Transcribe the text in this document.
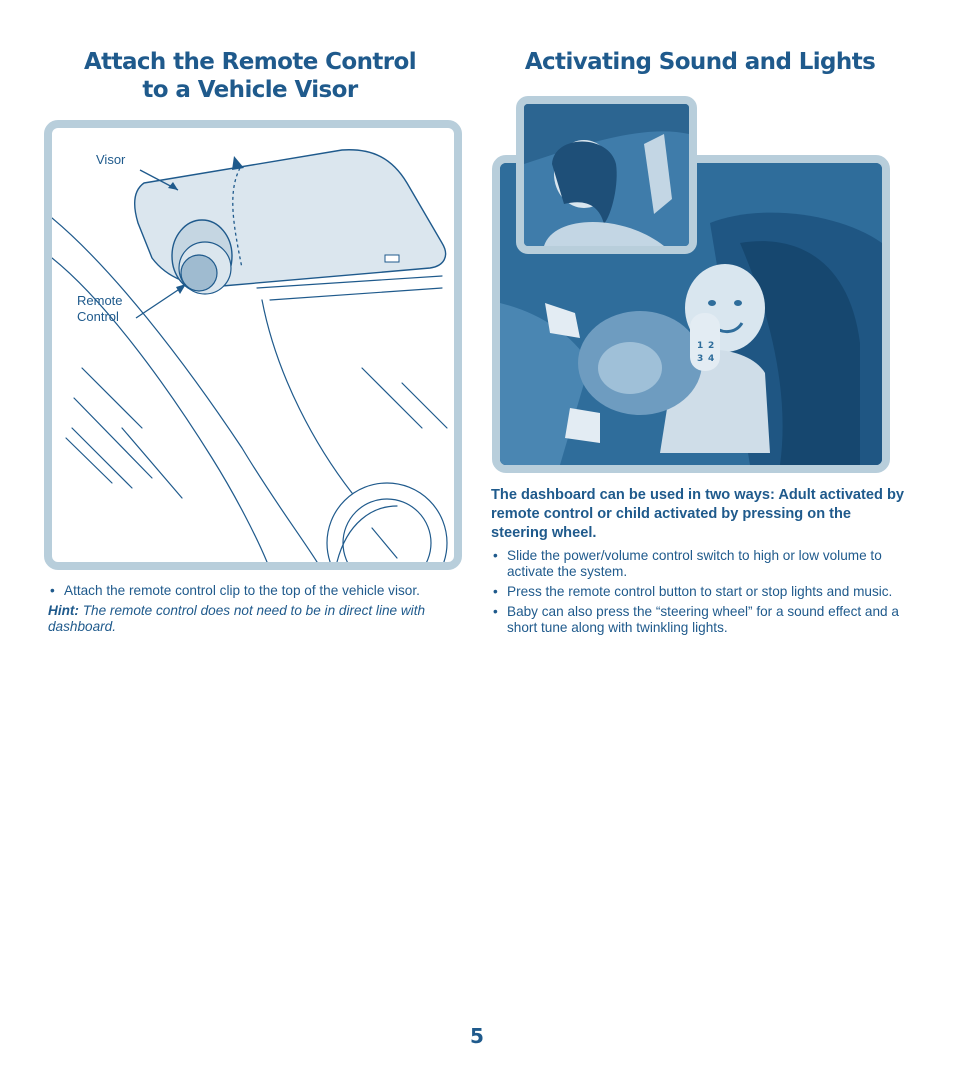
Attach the Remote Control
to a Vehicle Visor
Activating Sound and Lights
Visor
Remote
Control
1 2
3 4
• Attach the remote control clip to the top of the vehicle visor.
Hint: The remote control does not need to be in direct line with dashboard.

The dashboard can be used in two ways: Adult activated by remote control or child activated by pressing on the steering wheel.

• Slide the power/volume control switch to high or low volume to activate the system.
• Press the remote control button to start or stop lights and music.
• Baby can also press the “steering wheel” for a sound effect and a short tune along with twinkling lights.
5
